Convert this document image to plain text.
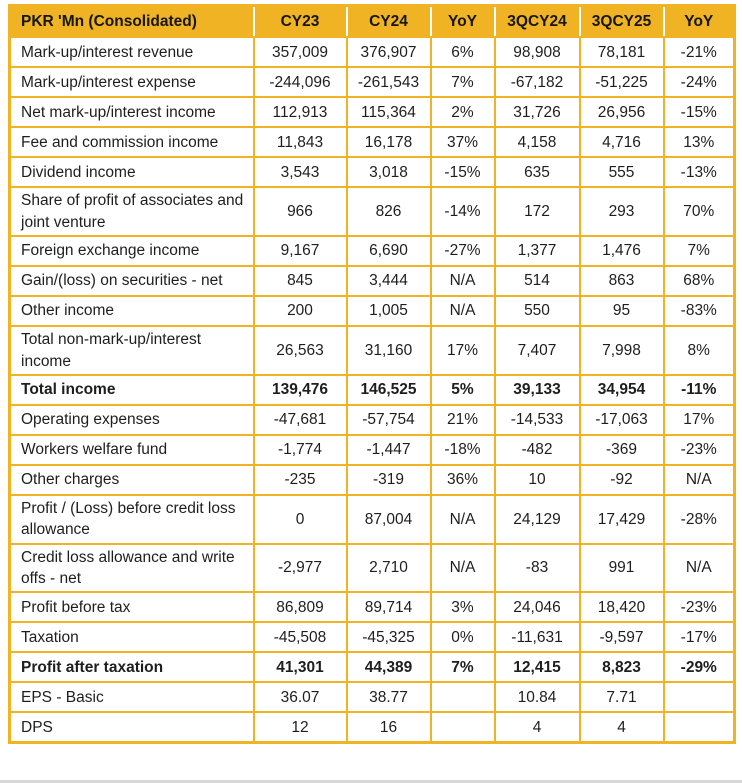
PKR 'Mn (Consolidated)	CY23	CY24	YoY	3QCY24	3QCY25	YoY
Mark-up/interest revenue	357,009	376,907	6%	98,908	78,181	-21%
Mark-up/interest expense	-244,096	-261,543	7%	-67,182	-51,225	-24%
Net mark-up/interest income	112,913	115,364	2%	31,726	26,956	-15%
Fee and commission income	11,843	16,178	37%	4,158	4,716	13%
Dividend income	3,543	3,018	-15%	635	555	-13%
Share of profit of associates and joint venture	966	826	-14%	172	293	70%
Foreign exchange income	9,167	6,690	-27%	1,377	1,476	7%
Gain/(loss) on securities - net	845	3,444	N/A	514	863	68%
Other income	200	1,005	N/A	550	95	-83%
Total non-mark-up/interest income	26,563	31,160	17%	7,407	7,998	8%
Total income	139,476	146,525	5%	39,133	34,954	-11%
Operating expenses	-47,681	-57,754	21%	-14,533	-17,063	17%
Workers welfare fund	-1,774	-1,447	-18%	-482	-369	-23%
Other charges	-235	-319	36%	10	-92	N/A
Profit / (Loss) before credit loss allowance	0	87,004	N/A	24,129	17,429	-28%
Credit loss allowance and write offs - net	-2,977	2,710	N/A	-83	991	N/A
Profit before tax	86,809	89,714	3%	24,046	18,420	-23%
Taxation	-45,508	-45,325	0%	-11,631	-9,597	-17%
Profit after taxation	41,301	44,389	7%	12,415	8,823	-29%
EPS - Basic	36.07	38.77		10.84	7.71	
DPS	12	16		4	4	
